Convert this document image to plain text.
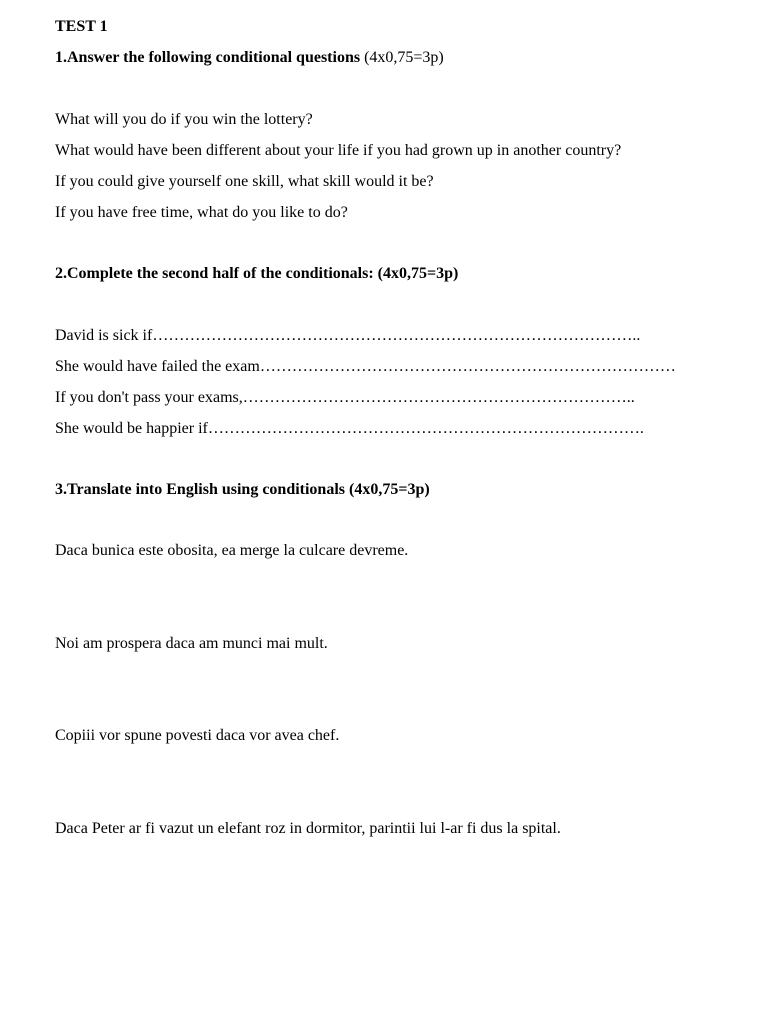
TEST 1
1.Answer the following conditional questions (4x0,75=3p)
What will you do if you win the lottery?
What would have been different about your life if you had grown up in another country?
If you could give yourself one skill, what skill would it be?
If you have free time, what do you like to do?
2.Complete the second half of the conditionals: (4x0,75=3p)
David is sick if………………………………………………………………………………..
She would have failed the exam……………………………………………………………………
If you don't pass your exams,………………………………………………………………..
She would be happier if……………………………………………………………………….
3.Translate into English using conditionals (4x0,75=3p)
Daca bunica este obosita, ea merge la culcare devreme.
Noi am prospera daca am munci mai mult.
Copiii vor spune povesti daca vor avea chef.
Daca Peter ar fi vazut un elefant roz in dormitor, parintii lui l-ar fi dus la spital.
